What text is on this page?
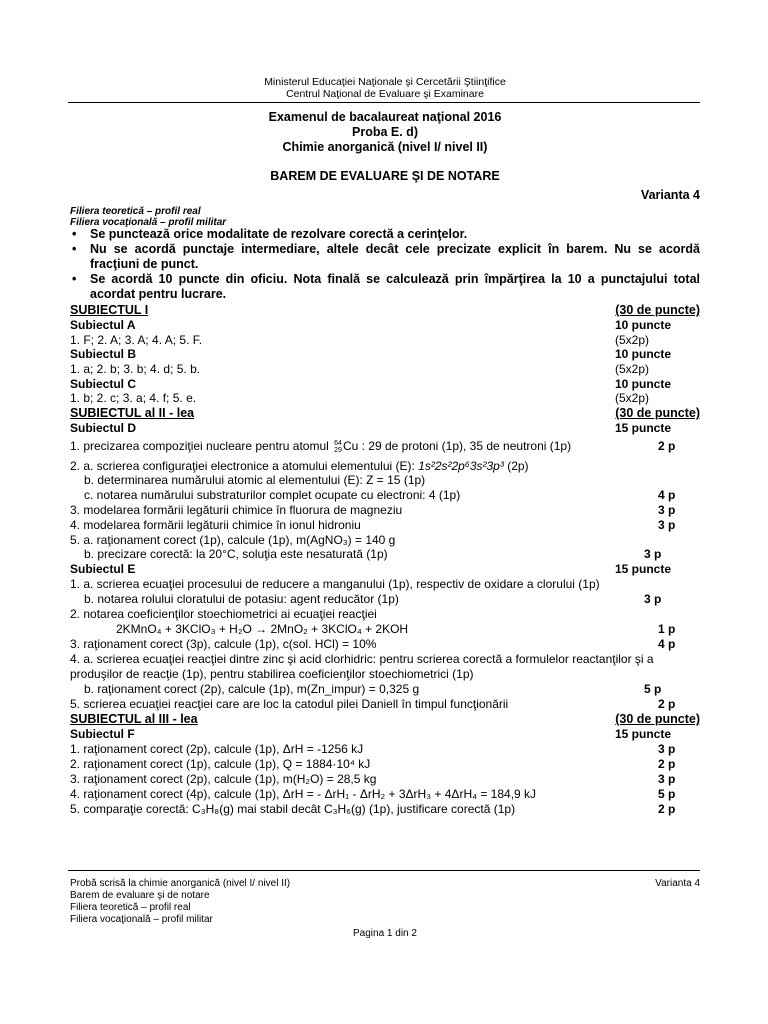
Ministerul Educaţiei Naţionale şi Cercetării Ştiinţifice
Centrul Naţional de Evaluare şi Examinare
Examenul de bacalaureat naţional 2016
Proba E. d)
Chimie anorganică (nivel I/ nivel II)
BAREM DE EVALUARE ŞI DE NOTARE
Varianta 4
Filiera teoretică – profil real
Filiera vocaţională – profil militar
• Se punctează orice modalitate de rezolvare corectă a cerinţelor.
• Nu se acordă punctaje intermediare, altele decât cele precizate explicit în barem. Nu se acordă fracţiuni de punct.
• Se acordă 10 puncte din oficiu. Nota finală se calculează prin împărţirea la 10 a punctajului total acordat pentru lucrare.
SUBIECTUL I	(30 de puncte)
Subiectul A	10 puncte
1. F; 2. A; 3. A; 4. A; 5. F.	(5x2p)
Subiectul B	10 puncte
1. a; 2. b; 3. b; 4. d; 5. b.	(5x2p)
Subiectul C	10 puncte
1. b; 2. c; 3. a; 4. f; 5. e.	(5x2p)
SUBIECTUL al II - lea	(30 de puncte)
Subiectul D	15 puncte
1. precizarea compoziţiei nucleare pentru atomul 64
29Cu : 29 de protoni (1p), 35 de neutroni (1p)	2 p
2. a. scrierea configuraţiei electronice a atomului elementului (E): 1s²2s²2p⁶3s²3p³ (2p)
b. determinarea numărului atomic al elementului (E): Z = 15 (1p)
c. notarea numărului substraturilor complet ocupate cu electroni: 4 (1p)	4 p
3. modelarea formării legăturii chimice în fluorura de magneziu	3 p
4. modelarea formării legăturii chimice în ionul hidroniu	3 p
5. a. raţionament corect (1p), calcule (1p), m(AgNO₃) = 140 g
b. precizare corectă: la 20°C, soluţia este nesaturată (1p)	3 p
Subiectul E	15 puncte
1. a. scrierea ecuaţiei procesului de reducere a manganului (1p), respectiv de oxidare a clorului (1p)
b. notarea rolului cloratului de potasiu: agent reducător (1p)	3 p
2. notarea coeficienţilor stoechiometrici ai ecuaţiei reacţiei
2KMnO₄ + 3KClO₃ + H₂O → 2MnO₂ + 3KClO₄ + 2KOH	1 p
3. raţionament corect (3p), calcule (1p), c(sol. HCl) = 10%	4 p
4. a. scrierea ecuaţiei reacţiei dintre zinc şi acid clorhidric: pentru scrierea corectă a formulelor reactanţilor şi a
produşilor de reacţie (1p), pentru stabilirea coeficienţilor stoechiometrici (1p)
b. raţionament corect (2p), calcule (1p), m(Zn_impur) = 0,325 g	5 p
5. scrierea ecuaţiei reacţiei care are loc la catodul pilei Daniell în timpul funcţionării	2 p
SUBIECTUL al III - lea	(30 de puncte)
Subiectul F	15 puncte
1. raţionament corect (2p), calcule (1p), ΔrH = -1256 kJ	3 p
2. raţionament corect (1p), calcule (1p), Q = 1884·10⁴ kJ	2 p
3. raţionament corect (2p), calcule (1p), m(H₂O) = 28,5 kg	3 p
4. raţionament corect (4p), calcule (1p), ΔrH = - ΔrH₁ - ΔrH₂ + 3ΔrH₃ + 4ΔrH₄ = 184,9 kJ	5 p
5. comparaţie corectă: C₃H₈(g) mai stabil decât C₃H₆(g) (1p), justificare corectă (1p)	2 p
Probă scrisă la chimie anorganică (nivel I/ nivel II)	Varianta 4
Barem de evaluare şi de notare
Filiera teoretică – profil real
Filiera vocaţională – profil militar
Pagina 1 din 2
